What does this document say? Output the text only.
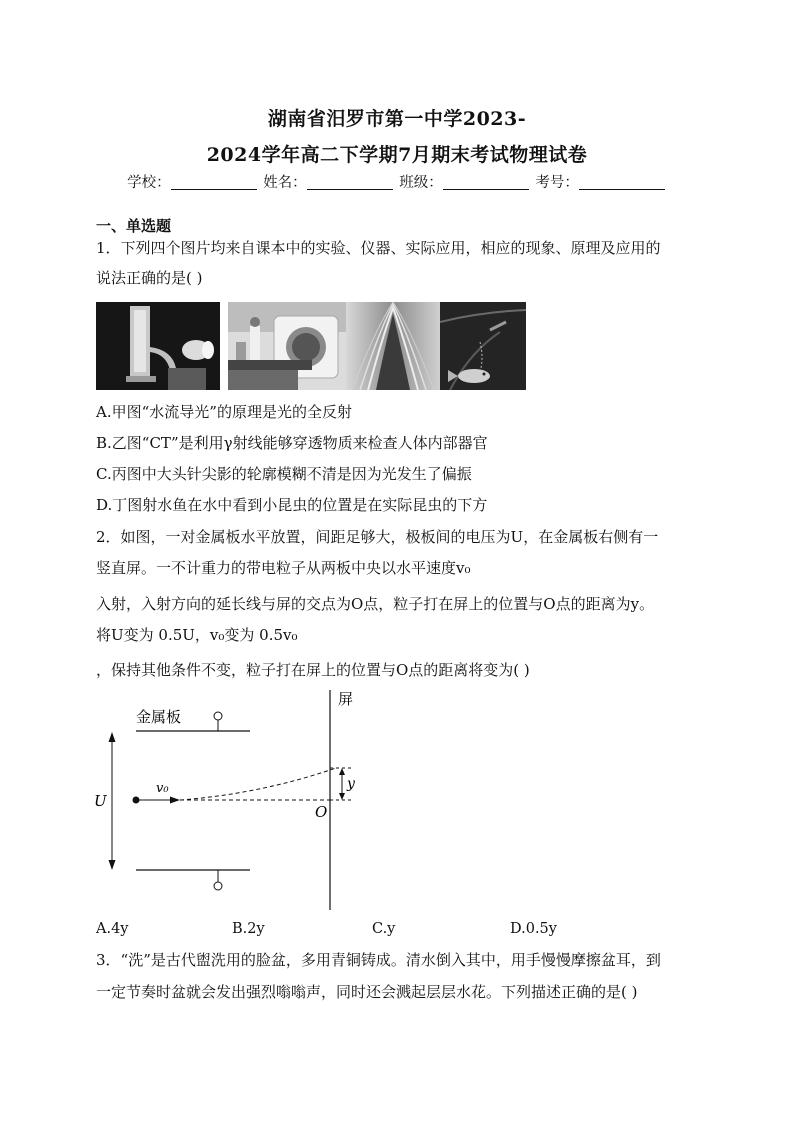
湖南省汨罗市第一中学2023-
2024学年高二下学期7月期末考试物理试卷
学校：	姓名：	班级：	考号：
一、单选题
1．下列四个图片均来自课本中的实验、仪器、实际应用，相应的现象、原理及应用的
说法正确的是( )
A.甲图“水流导光”的原理是光的全反射
B.乙图“CT”是利用γ射线能够穿透物质来检查人体内部器官
C.丙图中大头针尖影的轮廓模糊不清是因为光发生了偏振
D.丁图射水鱼在水中看到小昆虫的位置是在实际昆虫的下方
2．如图，一对金属板水平放置，间距足够大，极板间的电压为U，在金属板右侧有一
竖直屏。一不计重力的带电粒子从两板中央以水平速度v₀
入射，入射方向的延长线与屏的交点为O点，粒子打在屏上的位置与O点的距离为y。
将U变为 0.5U，v₀变为 0.5v₀
，保持其他条件不变，粒子打在屏上的位置与O点的距离将变为( )
金属板
屏
U
v₀
O
y
A.4y	B.2y	C.y	D.0.5y
3．“洗”是古代盥洗用的脸盆，多用青铜铸成。清水倒入其中，用手慢慢摩擦盆耳，到
一定节奏时盆就会发出强烈嗡嗡声，同时还会溅起层层水花。下列描述正确的是( )
